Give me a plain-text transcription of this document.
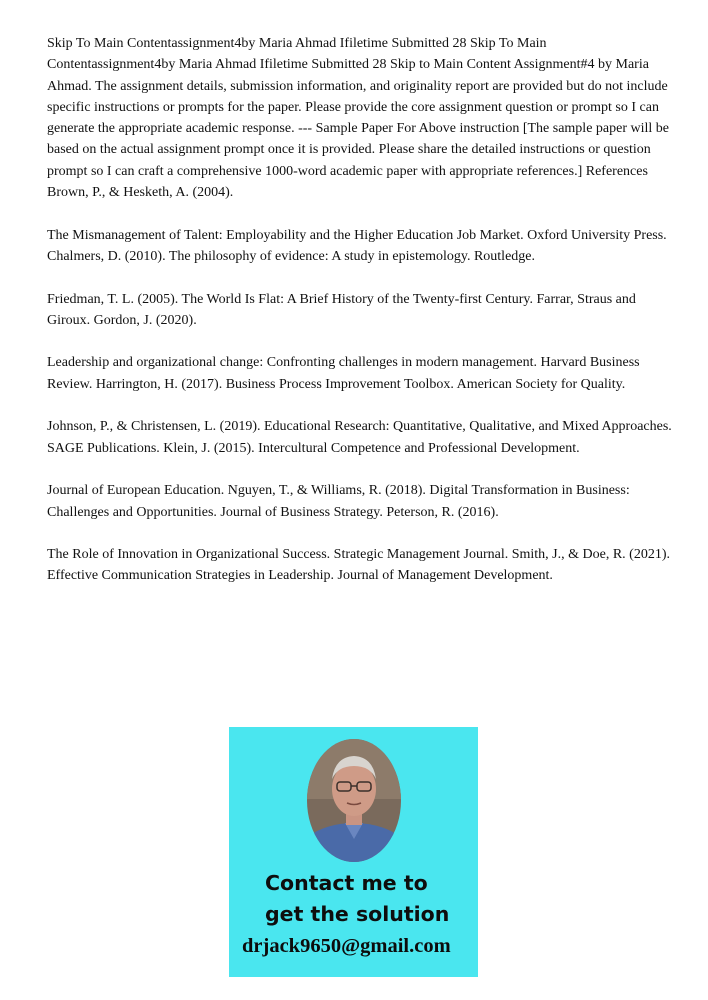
Skip To Main Contentassignment4by Maria Ahmad Ifiletime Submitted 28 Skip To Main Contentassignment4by Maria Ahmad Ifiletime Submitted 28 Skip to Main Content Assignment#4 by Maria Ahmad. The assignment details, submission information, and originality report are provided but do not include specific instructions or prompts for the paper. Please provide the core assignment question or prompt so I can generate the appropriate academic response. --- Sample Paper For Above instruction [The sample paper will be based on the actual assignment prompt once it is provided. Please share the detailed instructions or question prompt so I can craft a comprehensive 1000-word academic paper with appropriate references.] References Brown, P., & Hesketh, A. (2004).

The Mismanagement of Talent: Employability and the Higher Education Job Market. Oxford University Press. Chalmers, D. (2010). The philosophy of evidence: A study in epistemology. Routledge.

Friedman, T. L. (2005). The World Is Flat: A Brief History of the Twenty-first Century. Farrar, Straus and Giroux. Gordon, J. (2020).

Leadership and organizational change: Confronting challenges in modern management. Harvard Business Review. Harrington, H. (2017). Business Process Improvement Toolbox. American Society for Quality.

Johnson, P., & Christensen, L. (2019). Educational Research: Quantitative, Qualitative, and Mixed Approaches. SAGE Publications. Klein, J. (2015). Intercultural Competence and Professional Development.

Journal of European Education. Nguyen, T., & Williams, R. (2018). Digital Transformation in Business: Challenges and Opportunities. Journal of Business Strategy. Peterson, R. (2016).

The Role of Innovation in Organizational Success. Strategic Management Journal. Smith, J., & Doe, R. (2021). Effective Communication Strategies in Leadership. Journal of Management Development.

Contact me to
get the solution
drjack9650@gmail.com
